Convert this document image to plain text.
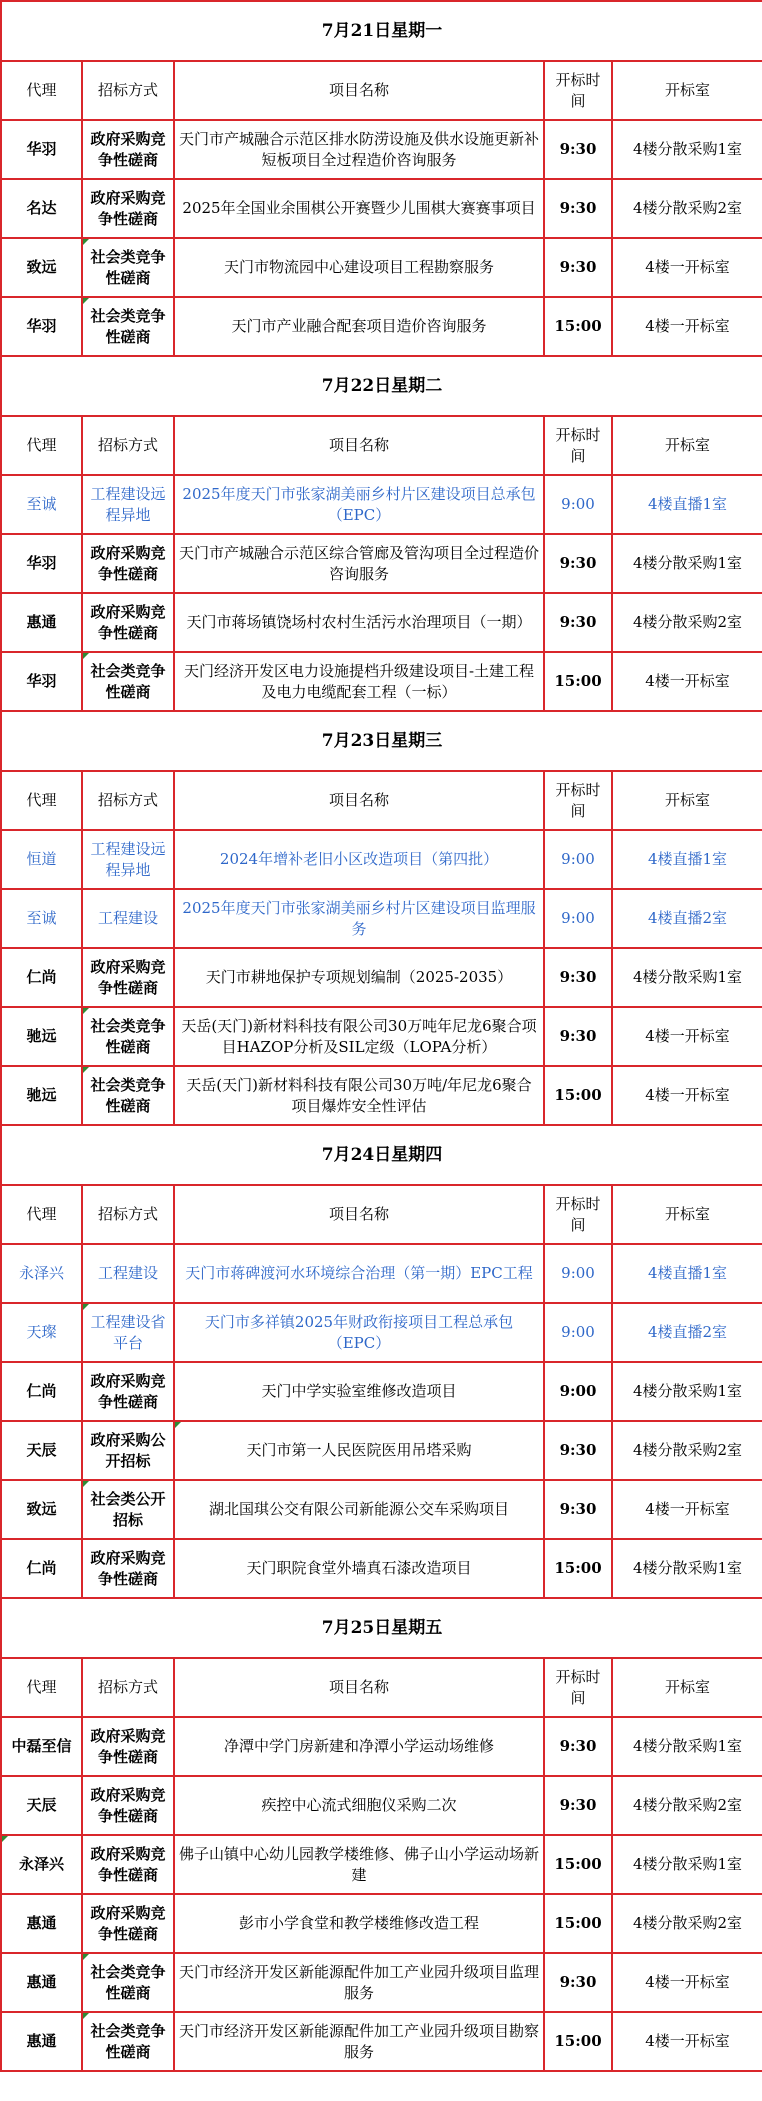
7月21日星期一				
代理	招标方式	项目名称	开标时间	开标室
华羽	政府采购竞争性磋商	天门市产城融合示范区排水防涝设施及供水设施更新补短板项目全过程造价咨询服务	9:30	4楼分散采购1室
名达	政府采购竞争性磋商	2025年全国业余围棋公开赛暨少儿围棋大赛赛事项目	9:30	4楼分散采购2室
致远	社会类竞争性磋商	天门市物流园中心建设项目工程勘察服务	9:30	4楼一开标室
华羽	社会类竞争性磋商	天门市产业融合配套项目造价咨询服务	15:00	4楼一开标室
7月22日星期二				
代理	招标方式	项目名称	开标时间	开标室
至诚	工程建设远程异地	2025年度天门市张家湖美丽乡村片区建设项目总承包（EPC）	9:00	4楼直播1室
华羽	政府采购竞争性磋商	天门市产城融合示范区综合管廊及管沟项目全过程造价咨询服务	9:30	4楼分散采购1室
惠通	政府采购竞争性磋商	天门市蒋场镇饶场村农村生活污水治理项目（一期）	9:30	4楼分散采购2室
华羽	社会类竞争性磋商	天门经济开发区电力设施提档升级建设项目-土建工程及电力电缆配套工程（一标）	15:00	4楼一开标室
7月23日星期三				
代理	招标方式	项目名称	开标时间	开标室
恒道	工程建设远程异地	2024年增补老旧小区改造项目（第四批）	9:00	4楼直播1室
至诚	工程建设	2025年度天门市张家湖美丽乡村片区建设项目监理服务	9:00	4楼直播2室
仁尚	政府采购竞争性磋商	天门市耕地保护专项规划编制（2025-2035）	9:30	4楼分散采购1室
驰远	社会类竞争性磋商	天岳(天门)新材料科技有限公司30万吨年尼龙6聚合项目HAZOP分析及SIL定级（LOPA分析）	9:30	4楼一开标室
驰远	社会类竞争性磋商	天岳(天门)新材料科技有限公司30万吨/年尼龙6聚合项目爆炸安全性评估	15:00	4楼一开标室
7月24日星期四				
代理	招标方式	项目名称	开标时间	开标室
永泽兴	工程建设	天门市蒋碑渡河水环境综合治理（第一期）EPC工程	9:00	4楼直播1室
天璨	工程建设省平台	天门市多祥镇2025年财政衔接项目工程总承包（EPC）	9:00	4楼直播2室
仁尚	政府采购竞争性磋商	天门中学实验室维修改造项目	9:00	4楼分散采购1室
天辰	政府采购公开招标	天门市第一人民医院医用吊塔采购	9:30	4楼分散采购2室
致远	社会类公开招标	湖北国琪公交有限公司新能源公交车采购项目	9:30	4楼一开标室
仁尚	政府采购竞争性磋商	天门职院食堂外墙真石漆改造项目	15:00	4楼分散采购1室
7月25日星期五				
代理	招标方式	项目名称	开标时间	开标室
中磊至信	政府采购竞争性磋商	净潭中学门房新建和净潭小学运动场维修	9:30	4楼分散采购1室
天辰	政府采购竞争性磋商	疾控中心流式细胞仪采购二次	9:30	4楼分散采购2室
永泽兴	政府采购竞争性磋商	佛子山镇中心幼儿园教学楼维修、佛子山小学运动场新建	15:00	4楼分散采购1室
惠通	政府采购竞争性磋商	彭市小学食堂和教学楼维修改造工程	15:00	4楼分散采购2室
惠通	社会类竞争性磋商	天门市经济开发区新能源配件加工产业园升级项目监理服务	9:30	4楼一开标室
惠通	社会类竞争性磋商	天门市经济开发区新能源配件加工产业园升级项目勘察服务	15:00	4楼一开标室
